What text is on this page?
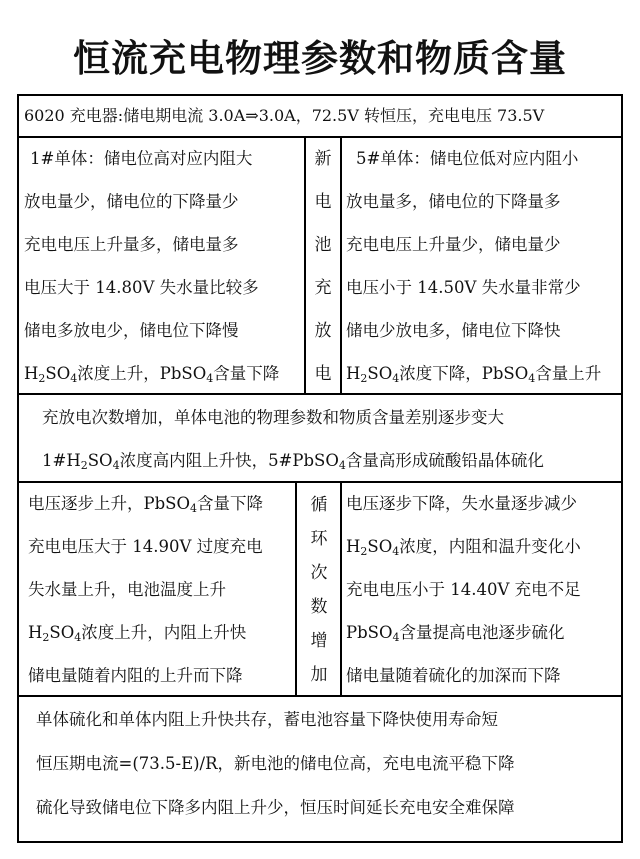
恒流充电物理参数和物质含量
6020 充电器:储电期电流 3.0A⇒3.0A，72.5V 转恒压，充电电压 73.5V
1#单体：储电位高对应内阻大
放电量少，储电位的下降量少
充电电压上升量多，储电量多
电压大于 14.80V 失水量比较多
储电多放电少，储电位下降慢
$H_2SO_4$浓度上升，PbSO$_4$含量下降
新
电
池
充
放
电
5#单体：储电位低对应内阻小
放电量多，储电位的下降量多
充电电压上升量少，储电量少
电压小于 14.50V 失水量非常少
储电少放电多，储电位下降快
$H_2SO_4$浓度下降，PbSO$_4$含量上升
充放电次数增加，单体电池的物理参数和物质含量差别逐步变大
$1\#H_2SO_4$浓度高内阻上升快，5#PbSO$_4$含量高形成硫酸铅晶体硫化
电压逐步上升，PbSO$_4$含量下降
充电电压大于 14.90V 过度充电
失水量上升，电池温度上升
$H_2SO_4$浓度上升，内阻上升快
储电量随着内阻的上升而下降
循
环
次
数
增
加
电压逐步下降，失水量逐步减少
$H_2SO_4$浓度，内阻和温升变化小
充电电压小于 14.40V 充电不足
PbSO$_4$含量提高电池逐步硫化
储电量随着硫化的加深而下降
单体硫化和单体内阻上升快共存，蓄电池容量下降快使用寿命短
恒压期电流=(73.5-E)/R，新电池的储电位高，充电电流平稳下降
硫化导致储电位下降多内阻上升少，恒压时间延长充电安全难保障
